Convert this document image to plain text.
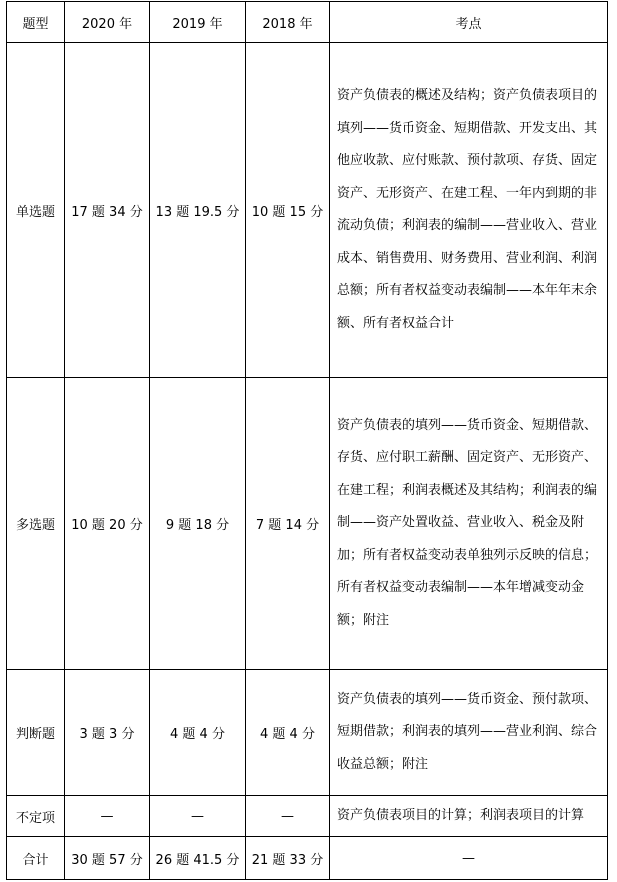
题型	2020 年	2019 年	2018 年	考点
单选题	17 题 34 分	13 题 19.5 分	10 题 15 分	资产负债表的概述及结构；资产负债表项目的填列——货币资金、短期借款、开发支出、其他应收款、应付账款、预付款项、存货、固定资产、无形资产、在建工程、一年内到期的非流动负债；利润表的编制——营业收入、营业成本、销售费用、财务费用、营业利润、利润总额；所有者权益变动表编制——本年年末余额、所有者权益合计
多选题	10 题 20 分	9 题 18 分	7 题 14 分	资产负债表的填列——货币资金、短期借款、存货、应付职工薪酬、固定资产、无形资产、在建工程；利润表概述及其结构；利润表的编制——资产处置收益、营业收入、税金及附加；所有者权益变动表单独列示反映的信息；所有者权益变动表编制——本年增减变动金额；附注
判断题	3 题 3 分	4 题 4 分	4 题 4 分	资产负债表的填列——货币资金、预付款项、短期借款；利润表的填列——营业利润、综合收益总额；附注
不定项	—	—	—	资产负债表项目的计算；利润表项目的计算
合计	30 题 57 分	26 题 41.5 分	21 题 33 分	—
